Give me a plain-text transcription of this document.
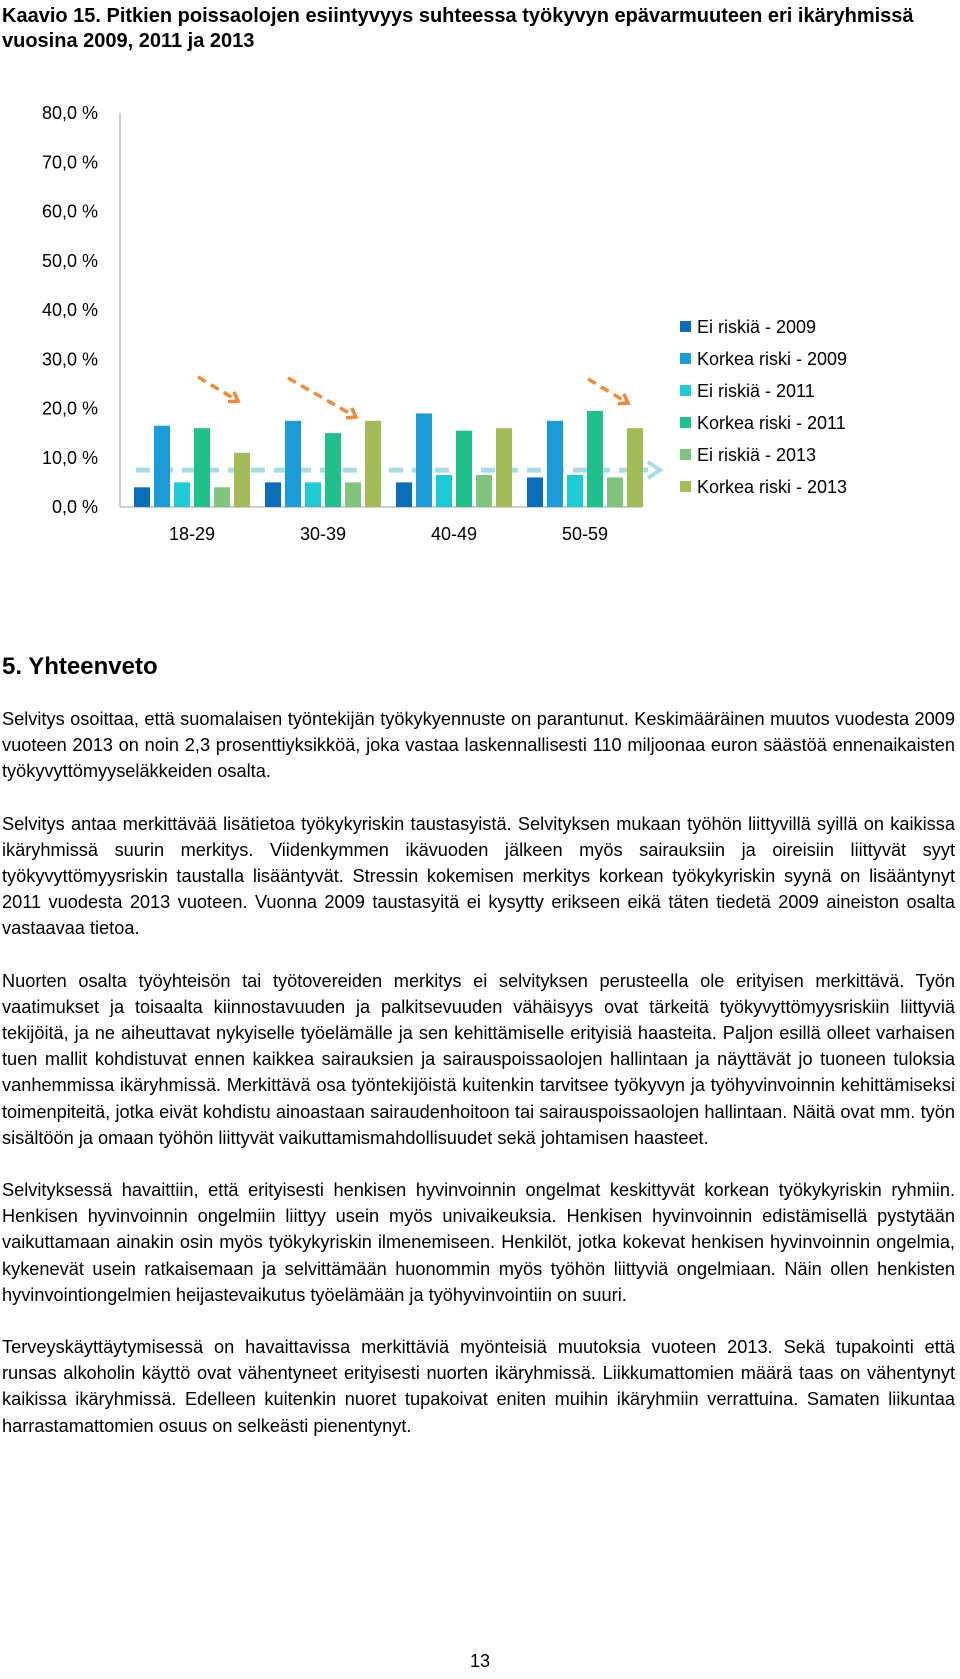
Kaavio 15. Pitkien poissaolojen esiintyvyys suhteessa työkyvyn epävarmuuteen eri ikäryhmissä vuosina 2009, 2011 ja 2013
0,0 %
10,0 %
20,0 %
30,0 %
40,0 %
50,0 %
60,0 %
70,0 %
80,0 %
18-29	30-39	40-49	50-59
Ei riskiä - 2009
Korkea riski - 2009
Ei riskiä - 2011
Korkea riski - 2011
Ei riskiä - 2013
Korkea riski - 2013
5. Yhteenveto

Selvitys osoittaa, että suomalaisen työntekijän työkykyennuste on parantunut. Keskimääräinen muutos vuodesta 2009 vuoteen 2013 on noin 2,3 prosenttiyksikköä, joka vastaa laskennallisesti 110 miljoonaa euron säästöä ennenaikaisten työkyvyttömyyseläkkeiden osalta.

Selvitys antaa merkittävää lisätietoa työkykyriskin taustasyistä. Selvityksen mukaan työhön liittyvillä syillä on kaikissa ikäryhmissä suurin merkitys. Viidenkymmen ikävuoden jälkeen myös sairauksiin ja oireisiin liittyvät syyt työkyvyttömyysriskin taustalla lisääntyvät. Stressin kokemisen merkitys korkean työkykyriskin syynä on lisääntynyt 2011 vuodesta 2013 vuoteen. Vuonna 2009 taustasyitä ei kysytty erikseen eikä täten tiedetä 2009 aineiston osalta vastaavaa tietoa.

Nuorten osalta työyhteisön tai työtovereiden merkitys ei selvityksen perusteella ole erityisen merkittävä. Työn vaatimukset ja toisaalta kiinnostavuuden ja palkitsevuuden vähäisyys ovat tärkeitä työkyvyttömyysriskiin liittyviä tekijöitä, ja ne aiheuttavat nykyiselle työelämälle ja sen kehittämiselle erityisiä haasteita. Paljon esillä olleet varhaisen tuen mallit kohdistuvat ennen kaikkea sairauksien ja sairauspoissaolojen hallintaan ja näyttävät jo tuoneen tuloksia vanhemmissa ikäryhmissä. Merkittävä osa työntekijöistä kuitenkin tarvitsee työkyvyn ja työhyvinvoinnin kehittämiseksi toimenpiteitä, jotka eivät kohdistu ainoastaan sairaudenhoitoon tai sairauspoissaolojen hallintaan. Näitä ovat mm. työn sisältöön ja omaan työhön liittyvät vaikuttamismahdollisuudet sekä johtamisen haasteet.

Selvityksessä havaittiin, että erityisesti henkisen hyvinvoinnin ongelmat keskittyvät korkean työkykyriskin ryhmiin. Henkisen hyvinvoinnin ongelmiin liittyy usein myös univaikeuksia. Henkisen hyvinvoinnin edistämisellä pystytään vaikuttamaan ainakin osin myös työkykyriskin ilmenemiseen. Henkilöt, jotka kokevat henkisen hyvinvoinnin ongelmia, kykenevät usein ratkaisemaan ja selvittämään huonommin myös työhön liittyviä ongelmiaan. Näin ollen henkisten hyvinvointiongelmien heijastevaikutus työelämään ja työhyvinvointiin on suuri.

Terveyskäyttäytymisessä on havaittavissa merkittäviä myönteisiä muutoksia vuoteen 2013. Sekä tupakointi että runsas alkoholin käyttö ovat vähentyneet erityisesti nuorten ikäryhmissä. Liikkumattomien määrä taas on vähentynyt kaikissa ikäryhmissä. Edelleen kuitenkin nuoret tupakoivat eniten muihin ikäryhmiin verrattuina. Samaten liikuntaa harrastamattomien osuus on selkeästi pienentynyt.

13
